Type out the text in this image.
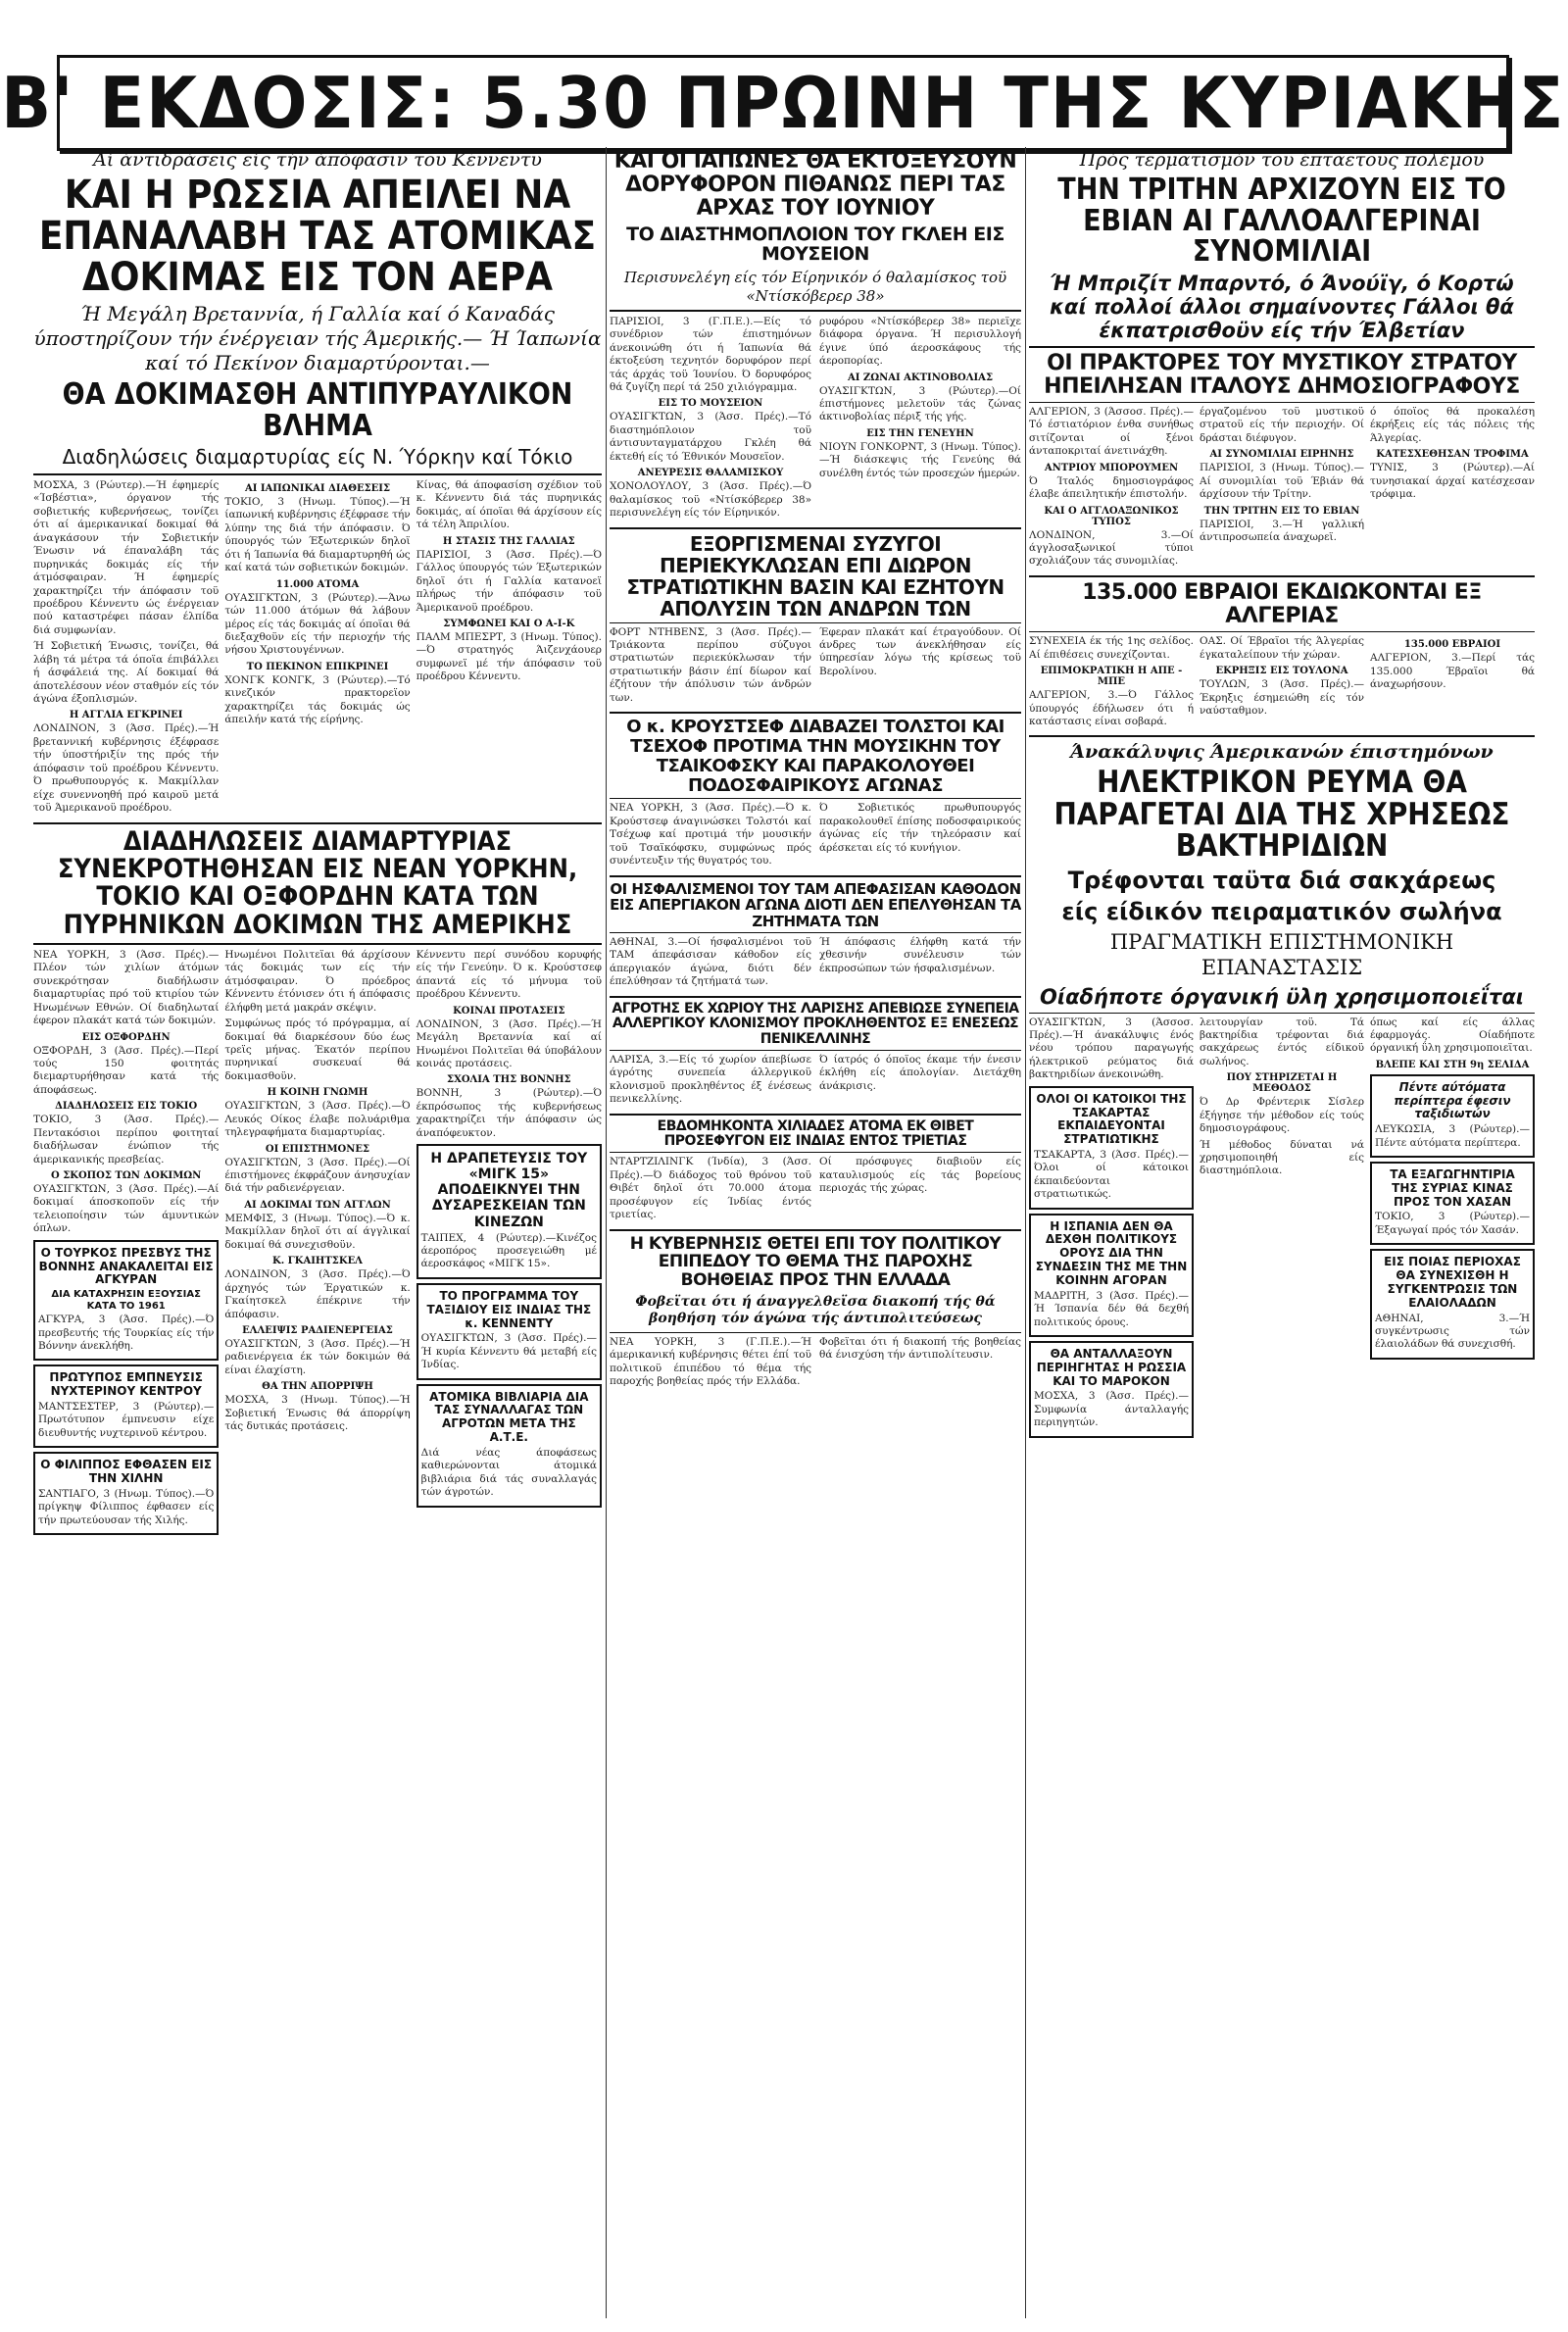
Β' ΕΚΔΟΣΙΣ: 5.30 ΠΡΩΙΝΗ ΤΗΣ ΚΥΡΙΑΚΗΣ
Αί άντιδράσεις είς τήν άπόφασιν τοϋ Κέννεντυ
ΚΑΙ Η ΡΩΣΣΙΑ ΑΠΕΙΛΕΙ ΝΑ ΕΠΑΝΑΛΑΒΗ ΤΑΣ ΑΤΟΜΙΚΑΣ ΔΟΚΙΜΑΣ ΕΙΣ ΤΟΝ ΑΕΡΑ
Ή Μεγάλη Βρεταννία, ή Γαλλία καί ό Καναδάς ύποστηρίζουν τήν ένέργειαν τής Άμερικής.— Ή Ίαπωνία καί τό Πεκίνον διαμαρτύρονται.—
ΘΑ ΔΟΚΙΜΑΣΘΗ ΑΝΤΙΠΥΡΑΥΛΙΚΟΝ ΒΛΗΜΑ
Διαδηλώσεις διαμαρτυρίας είς Ν. Ύόρκην καί Τόκιο

ΜΟΣΧΑ, 3 (Ρώυτερ).—Ή έφημερίς «Ίσβέστια», όργανον τής σοβιετικής κυβερνήσεως, τονίζει ότι αί άμερικανικαί δοκιμαί θά άναγκάσουν τήν Σοβιετικήν Ένωσιν νά έπαναλάβη τάς πυρηνικάς δοκιμάς είς τήν άτμόσφαιραν. Ή έφημερίς χαρακτηρίζει τήν άπόφασιν τοϋ προέδρου Κέννεντυ ώς ένέργειαν πού καταστρέφει πάσαν έλπίδα διά συμφωνίαν.

Ή Σοβιετική Ένωσις, τονίζει, θά λάβη τά μέτρα τά όποϊα έπιβάλλει ή άσφάλειά της. Αί δοκιμαί θά άποτελέσουν νέον σταθμόν είς τόν άγώνα έξοπλισμών.

Η ΑΓΓΛΙΑ ΕΓΚΡΙΝΕΙ

ΛΟΝΔΙΝΟΝ, 3 (Άσσ. Πρές).—Ή βρεταννική κυβέρνησις έξέφρασε τήν ύποστήριξίν της πρός τήν άπόφασιν τοϋ προέδρου Κέννεντυ. Ό πρωθυπουργός κ. Μακμίλλαν είχε συνεννοηθή πρό καιροϋ μετά τοϋ Άμερικανοϋ προέδρου.

ΑΙ ΙΑΠΩΝΙΚΑΙ ΔΙΑΘΕΣΕΙΣ

ΤΟΚΙΟ, 3 (Ηνωμ. Τύπος).—Ή ίαπωνική κυβέρνησις έξέφρασε τήν λύπην της διά τήν άπόφασιν. Ό ύπουργός τών Έξωτερικών δηλοϊ ότι ή Ίαπωνία θά διαμαρτυρηθή ώς καί κατά τών σοβιετικών δοκιμών.

11.000 ΑΤΟΜΑ

ΟΥΑΣΙΓΚΤΩΝ, 3 (Ρώυτερ).—Άνω τών 11.000 άτόμων θά λάβουν μέρος είς τάς δοκιμάς αί όποϊαι θά διεξαχθοϋν είς τήν περιοχήν τής νήσου Χριστουγέννων.

ΤΟ ΠΕΚΙΝΟΝ ΕΠΙΚΡΙΝΕΙ

ΧΟΝΓΚ ΚΟΝΓΚ, 3 (Ρώυτερ).—Τό κινεζικόν πρακτορεϊον χαρακτηρίζει τάς δοκιμάς ώς άπειλήν κατά τής είρήνης.

Κίνας, θά άποφασίση σχέδιον τοϋ κ. Κέννεντυ διά τάς πυρηνικάς δοκιμάς, αί όποϊαι θά άρχίσουν είς τά τέλη Άπριλίου.

Η ΣΤΑΣΙΣ ΤΗΣ ΓΑΛΛΙΑΣ

ΠΑΡΙΣΙΟΙ, 3 (Άσσ. Πρές).—Ό Γάλλος ύπουργός τών Έξωτερικών δηλοϊ ότι ή Γαλλία κατανοεϊ πλήρως τήν άπόφασιν τοϋ Άμερικανοϋ προέδρου.

ΣΥΜΦΩΝΕΙ ΚΑΙ Ο Α-Ι-Κ

ΠΑΛΜ ΜΠΕΣΡΤ, 3 (Ηνωμ. Τύπος).—Ό στρατηγός Άιζενχάουερ συμφωνεϊ μέ τήν άπόφασιν τοϋ προέδρου Κέννεντυ.

ΔΙΑΔΗΛΩΣΕΙΣ ΔΙΑΜΑΡΤΥΡΙΑΣ ΣΥΝΕΚΡΟΤΗΘΗΣΑΝ ΕΙΣ ΝΕΑΝ ΥΟΡΚΗΝ, ΤΟΚΙΟ ΚΑΙ ΟΞΦΟΡΔΗΝ ΚΑΤΑ ΤΩΝ ΠΥΡΗΝΙΚΩΝ ΔΟΚΙΜΩΝ ΤΗΣ ΑΜΕΡΙΚΗΣ

ΝΕΑ ΥΟΡΚΗ, 3 (Άσσ. Πρές).—Πλέον τών χιλίων άτόμων συνεκρότησαν διαδήλωσιν διαμαρτυρίας πρό τοϋ κτιρίου τών Ηνωμένων Εθνών. Οί διαδηλωταί έφερον πλακάτ κατά τών δοκιμών.

ΕΙΣ ΟΞΦΟΡΔΗΝ

ΟΞΦΟΡΔΗ, 3 (Άσσ. Πρές).—Περί τούς 150 φοιτητάς διεμαρτυρήθησαν κατά τής άποφάσεως.

ΔΙΑΔΗΛΩΣΕΙΣ ΕΙΣ ΤΟΚΙΟ

ΤΟΚΙΟ, 3 (Άσσ. Πρές).—Πεντακόσιοι περίπου φοιτηταί διαδήλωσαν ένώπιον τής άμερικανικής πρεσβείας.

Ο ΣΚΟΠΟΣ ΤΩΝ ΔΟΚΙΜΩΝ

ΟΥΑΣΙΓΚΤΩΝ, 3 (Άσσ. Πρές).—Αί δοκιμαί άποσκοποϋν είς τήν τελειοποίησιν τών άμυντικών όπλων.

Ο ΤΟΥΡΚΟΣ ΠΡΕΣΒΥΣ ΤΗΣ ΒΟΝΝΗΣ ΑΝΑΚΑΛΕΙΤΑΙ ΕΙΣ ΑΓΚΥΡΑΝ
ΔΙΑ ΚΑΤΑΧΡΗΣΙΝ ΕΞΟΥΣΙΑΣ ΚΑΤΑ ΤΟ 1961

ΑΓΚΥΡΑ, 3 (Άσσ. Πρές).—Ό πρεσβευτής τής Τουρκίας είς τήν Βόννην άνεκλήθη.

ΠΡΩΤΥΠΟΣ ΕΜΠΝΕΥΣΙΣ ΝΥΧΤΕΡΙΝΟΥ ΚΕΝΤΡΟΥ

ΜΑΝΤΣΕΣΤΕΡ, 3 (Ρώυτερ).—Πρωτότυπον έμπνευσιν είχε διευθυντής νυχτερινοϋ κέντρου.

Ο ΦΙΛΙΠΠΟΣ ΕΦΘΑΣΕΝ ΕΙΣ ΤΗΝ ΧΙΛΗΝ

ΣΑΝΤΙΑΓΟ, 3 (Ηνωμ. Τύπος).—Ό πρίγκηψ Φίλιππος έφθασεν είς τήν πρωτεύουσαν τής Χιλής.

Ηνωμένοι Πολιτεϊαι θά άρχίσουν τάς δοκιμάς των είς τήν άτμόσφαιραν. Ό πρόεδρος Κέννεντυ έτόνισεν ότι ή άπόφασις έλήφθη μετά μακράν σκέψιν.

Συμφώνως πρός τό πρόγραμμα, αί δοκιμαί θά διαρκέσουν δύο έως τρεϊς μήνας. Έκατόν περίπου πυρηνικαί συσκευαί θά δοκιμασθοϋν.

Η ΚΟΙΝΗ ΓΝΩΜΗ

ΟΥΑΣΙΓΚΤΩΝ, 3 (Άσσ. Πρές).—Ό Λευκός Οίκος έλαβε πολυάριθμα τηλεγραφήματα διαμαρτυρίας.

ΟΙ ΕΠΙΣΤΗΜΟΝΕΣ

ΟΥΑΣΙΓΚΤΩΝ, 3 (Άσσ. Πρές).—Οί έπιστήμονες έκφράζουν άνησυχίαν διά τήν ραδιενέργειαν.

ΑΙ ΔΟΚΙΜΑΙ ΤΩΝ ΑΓΓΛΩΝ

ΜΕΜΦΙΣ, 3 (Ηνωμ. Τύπος).—Ό κ. Μακμίλλαν δηλοϊ ότι αί άγγλικαί δοκιμαί θά συνεχισθοϋν.

Κ. ΓΚΑΙΗΤΣΚΕΛ

ΛΟΝΔΙΝΟΝ, 3 (Άσσ. Πρές).—Ό άρχηγός τών Έργατικών κ. Γκαίητσκελ έπέκρινε τήν άπόφασιν.

ΕΛΛΕΙΨΙΣ ΡΑΔΙΕΝΕΡΓΕΙΑΣ

ΟΥΑΣΙΓΚΤΩΝ, 3 (Άσσ. Πρές).—Ή ραδιενέργεια έκ τών δοκιμών θά είναι έλαχίστη.

ΘΑ ΤΗΝ ΑΠΟΡΡΙΨΗ

ΜΟΣΧΑ, 3 (Ηνωμ. Τύπος).—Ή Σοβιετική Ένωσις θά άπορρίψη τάς δυτικάς προτάσεις.

Κέννεντυ περί συνόδου κορυφής είς τήν Γενεύην. Ό κ. Κρούστσεφ άπαντά είς τό μήνυμα τοϋ προέδρου Κέννεντυ.

ΚΟΙΝΑΙ ΠΡΟΤΑΣΕΙΣ

ΛΟΝΔΙΝΟΝ, 3 (Άσσ. Πρές).—Ή Μεγάλη Βρεταννία καί αί Ηνωμένοι Πολιτεϊαι θά ύποβάλουν κοινάς προτάσεις.

ΣΧΟΛΙΑ ΤΗΣ ΒΟΝΝΗΣ

ΒΟΝΝΗ, 3 (Ρώυτερ).—Ό έκπρόσωπος τής κυβερνήσεως χαρακτηρίζει τήν άπόφασιν ώς άναπόφευκτον.

Η ΔΡΑΠΕΤΕΥΣΙΣ ΤΟΥ «ΜΙΓΚ 15» ΑΠΟΔΕΙΚΝΥΕΙ ΤΗΝ ΔΥΣΑΡΕΣΚΕΙΑΝ ΤΩΝ ΚΙΝΕΖΩΝ

ΤΑΙΠΕΧ, 4 (Ρώυτερ).—Κινέζος άεροπόρος προσεγειώθη μέ άεροσκάφος «ΜΙΓΚ 15».

ΤΟ ΠΡΟΓΡΑΜΜΑ ΤΟΥ ΤΑΞΙΔΙΟΥ ΕΙΣ ΙΝΔΙΑΣ ΤΗΣ κ. ΚΕΝΝΕΝΤΥ

ΟΥΑΣΙΓΚΤΩΝ, 3 (Άσσ. Πρές).—Ή κυρία Κέννεντυ θά μεταβή είς Ίνδίας.

ΑΤΟΜΙΚΑ ΒΙΒΛΙΑΡΙΑ ΔΙΑ ΤΑΣ ΣΥΝΑΛΛΑΓΑΣ ΤΩΝ ΑΓΡΟΤΩΝ ΜΕΤΑ ΤΗΣ Α.Τ.Ε.

Διά νέας άποφάσεως καθιερώνονται άτομικά βιβλιάρια διά τάς συναλλαγάς τών άγροτών.

ΚΑΙ ΟΙ ΙΑΠΩΝΕΣ ΘΑ ΕΚΤΟΞΕΥΣΟΥΝ ΔΟΡΥΦΟΡΟΝ ΠΙΘΑΝΩΣ ΠΕΡΙ ΤΑΣ ΑΡΧΑΣ ΤΟΥ ΙΟΥΝΙΟΥ
ΤΟ ΔΙΑΣΤΗΜΟΠΛΟΙΟΝ ΤΟΥ ΓΚΛΕΗ ΕΙΣ ΜΟΥΣΕΙΟΝ
Περισυνελέγη είς τόν Είρηνικόν ό θαλαμίσκος τοϋ «Ντίσκόβερερ 38»

ΠΑΡΙΣΙΟΙ, 3 (Γ.Π.Ε.).—Είς τό συνέδριον τών έπιστημόνων άνεκοινώθη ότι ή Ίαπωνία θά έκτοξεύση τεχνητόν δορυφόρον περί τάς άρχάς τοϋ Ίουνίου. Ό δορυφόρος θά ζυγίζη περί τά 250 χιλιόγραμμα.

ΕΙΣ ΤΟ ΜΟΥΣΕΙΟΝ

ΟΥΑΣΙΓΚΤΩΝ, 3 (Άσσ. Πρές).—Τό διαστημόπλοιον τοϋ άντισυνταγματάρχου Γκλέη θά έκτεθή είς τό Έθνικόν Μουσεϊον.

ΑΝΕΥΡΕΣΙΣ ΘΑΛΑΜΙΣΚΟΥ

ΧΟΝΟΛΟΥΛΟΥ, 3 (Άσσ. Πρές).—Ό θαλαμίσκος τοϋ «Ντίσκόβερερ 38» περισυνελέγη είς τόν Είρηνικόν.

ρυφόρου «Ντίσκόβερερ 38» περιεϊχε διάφορα όργανα. Ή περισυλλογή έγινε ύπό άεροσκάφους τής άεροπορίας.

ΑΙ ΖΩΝΑΙ ΑΚΤΙΝΟΒΟΛΙΑΣ

ΟΥΑΣΙΓΚΤΩΝ, 3 (Ρώυτερ).—Οί έπιστήμονες μελετοϋν τάς ζώνας άκτινοβολίας πέριξ τής γής.

ΕΙΣ ΤΗΝ ΓΕΝΕΥΗΝ

ΝΙΟΥΝ ΓΟΝΚΟΡΝΤ, 3 (Ηνωμ. Τύπος).—Ή διάσκεψις τής Γενεύης θά συνέλθη έντός τών προσεχών ήμερών.

ΕΞΟΡΓΙΣΜΕΝΑΙ ΣΥΖΥΓΟΙ ΠΕΡΙΕΚΥΚΛΩΣΑΝ ΕΠΙ ΔΙΩΡΟΝ ΣΤΡΑΤΙΩΤΙΚΗΝ ΒΑΣΙΝ ΚΑΙ ΕΖΗΤΟΥΝ ΑΠΟΛΥΣΙΝ ΤΩΝ ΑΝΔΡΩΝ ΤΩΝ

ΦΟΡΤ ΝΤΗΒΕΝΣ, 3 (Άσσ. Πρές).—Τριάκοντα περίπου σύζυγοι στρατιωτών περιεκύκλωσαν τήν στρατιωτικήν βάσιν έπί δίωρον καί έζήτουν τήν άπόλυσιν τών άνδρών των.

Έφεραν πλακάτ καί έτραγούδουν. Οί άνδρες των άνεκλήθησαν είς ύπηρεσίαν λόγω τής κρίσεως τοϋ Βερολίνου.

Ο κ. ΚΡΟΥΣΤΣΕΦ ΔΙΑΒΑΖΕΙ ΤΟΛΣΤΟΙ ΚΑΙ ΤΣΕΧΟΦ ΠΡΟΤΙΜΑ ΤΗΝ ΜΟΥΣΙΚΗΝ ΤΟΥ ΤΣΑΙΚΟΦΣΚΥ ΚΑΙ ΠΑΡΑΚΟΛΟΥΘΕΙ ΠΟΔΟΣΦΑΙΡΙΚΟΥΣ ΑΓΩΝΑΣ

ΝΕΑ ΥΟΡΚΗ, 3 (Άσσ. Πρές).—Ό κ. Κρούστσεφ άναγινώσκει Τολστόι καί Τσέχωφ καί προτιμά τήν μουσικήν τοϋ Τσαϊκόφσκυ, συμφώνως πρός συνέντευξιν τής θυγατρός του.

Ό Σοβιετικός πρωθυπουργός παρακολουθεϊ έπίσης ποδοσφαιρικούς άγώνας είς τήν τηλεόρασιν καί άρέσκεται είς τό κυνήγιον.

ΟΙ ΗΣΦΑΛΙΣΜΕΝΟΙ ΤΟΥ ΤΑΜ ΑΠΕΦΑΣΙΣΑΝ ΚΑΘΟΔΟΝ ΕΙΣ ΑΠΕΡΓΙΑΚΟΝ ΑΓΩΝΑ ΔΙΟΤΙ ΔΕΝ ΕΠΕΛΥΘΗΣΑΝ ΤΑ ΖΗΤΗΜΑΤΑ ΤΩΝ

ΑΘΗΝΑΙ, 3.—Οί ήσφαλισμένοι τοϋ ΤΑΜ άπεφάσισαν κάθοδον είς άπεργιακόν άγώνα, διότι δέν έπελύθησαν τά ζητήματά των.

Ή άπόφασις έλήφθη κατά τήν χθεσινήν συνέλευσιν τών έκπροσώπων τών ήσφαλισμένων.

ΑΓΡΟΤΗΣ ΕΚ ΧΩΡΙΟΥ ΤΗΣ ΛΑΡΙΣΗΣ ΑΠΕΒΙΩΣΕ ΣΥΝΕΠΕΙΑ ΑΛΛΕΡΓΙΚΟΥ ΚΛΟΝΙΣΜΟΥ ΠΡΟΚΛΗΘΕΝΤΟΣ ΕΞ ΕΝΕΣΕΩΣ ΠΕΝΙΚΕΛΛΙΝΗΣ

ΛΑΡΙΣΑ, 3.—Είς τό χωρίον άπεβίωσε άγρότης συνεπεία άλλεργικοϋ κλονισμοϋ προκληθέντος έξ ένέσεως πενικελλίνης.

Ό ίατρός ό όποϊος έκαμε τήν ένεσιν έκλήθη είς άπολογίαν. Διετάχθη άνάκρισις.

ΕΒΔΟΜΗΚΟΝΤΑ ΧΙΛΙΑΔΕΣ ΑΤΟΜΑ ΕΚ ΘΙΒΕΤ ΠΡΟΣΕΦΥΓΟΝ ΕΙΣ ΙΝΔΙΑΣ ΕΝΤΟΣ ΤΡΙΕΤΙΑΣ

ΝΤΑΡΤΖΙΛΙΝΓΚ (Ίνδία), 3 (Άσσ. Πρές).—Ό διάδοχος τοϋ θρόνου τοϋ Θιβέτ δηλοϊ ότι 70.000 άτομα προσέφυγον είς Ίνδίας έντός τριετίας.

Οί πρόσφυγες διαβιοϋν είς καταυλισμούς είς τάς βορείους περιοχάς τής χώρας.

Η ΚΥΒΕΡΝΗΣΙΣ ΘΕΤΕΙ ΕΠΙ ΤΟΥ ΠΟΛΙΤΙΚΟΥ ΕΠΙΠΕΔΟΥ ΤΟ ΘΕΜΑ ΤΗΣ ΠΑΡΟΧΗΣ ΒΟΗΘΕΙΑΣ ΠΡΟΣ ΤΗΝ ΕΛΛΑΔΑ
Φοβεϊται ότι ή άναγγελθεϊσα διακοπή τής θά βοηθήση τόν άγώνα τής άντιπολιτεύσεως

ΝΕΑ ΥΟΡΚΗ, 3 (Γ.Π.Ε.).—Ή άμερικανική κυβέρνησις θέτει έπί τοϋ πολιτικοϋ έπιπέδου τό θέμα τής παροχής βοηθείας πρός τήν Ελλάδα.

Φοβεϊται ότι ή διακοπή τής βοηθείας θά ένισχύση τήν άντιπολίτευσιν.

Πρός τερματισμόν τοϋ έπταετοϋς πολέμου
ΤΗΝ ΤΡΙΤΗΝ ΑΡΧΙΖΟΥΝ ΕΙΣ ΤΟ ΕΒΙΑΝ ΑΙ ΓΑΛΛΟΑΛΓΕΡΙΝΑΙ ΣΥΝΟΜΙΛΙΑΙ
Ή Μπριζίτ Μπαρντό, ό Άνούϊγ, ό Κορτώ καί πολλοί άλλοι σημαίνοντες Γάλλοι θά έκπατρισθοϋν είς τήν Έλβετίαν
ΟΙ ΠΡΑΚΤΟΡΕΣ ΤΟΥ ΜΥΣΤΙΚΟΥ ΣΤΡΑΤΟΥ ΗΠΕΙΛΗΣΑΝ ΙΤΑΛΟΥΣ ΔΗΜΟΣΙΟΓΡΑΦΟΥΣ

ΑΛΓΕΡΙΟΝ, 3 (Άσσοσ. Πρές).—Τό έστιατόριον ένθα συνήθως σιτίζονται οί ξένοι άνταποκριταί άνετινάχθη.

ΑΝΤΡΙΟΥ ΜΠΟΡΟΥΜΕΝ

Ό Ίταλός δημοσιογράφος έλαβε άπειλητικήν έπιστολήν.

ΚΑΙ Ο ΑΓΓΛΟΑΞΩΝΙΚΟΣ ΤΥΠΟΣ

ΛΟΝΔΙΝΟΝ, 3.—Οί άγγλοσαξωνικοί τύποι σχολιάζουν τάς συνομιλίας.

έργαζομένου τοϋ μυστικοϋ στρατοϋ είς τήν περιοχήν. Οί δράσται διέφυγον.

ΑΙ ΣΥΝΟΜΙΛΙΑΙ ΕΙΡΗΝΗΣ

ΠΑΡΙΣΙΟΙ, 3 (Ηνωμ. Τύπος).—Αί συνομιλίαι τοϋ Έβιάν θά άρχίσουν τήν Τρίτην.

ΤΗΝ ΤΡΙΤΗΝ ΕΙΣ ΤΟ ΕΒΙΑΝ

ΠΑΡΙΣΙΟΙ, 3.—Ή γαλλική άντιπροσωπεία άναχωρεϊ.

ό όποϊος θά προκαλέση έκρήξεις είς τάς πόλεις τής Άλγερίας.

ΚΑΤΕΣΧΕΘΗΣΑΝ ΤΡΟΦΙΜΑ

ΤΥΝΙΣ, 3 (Ρώυτερ).—Αί τυνησιακαί άρχαί κατέσχεσαν τρόφιμα.

135.000 ΕΒΡΑΙΟΙ ΕΚΔΙΩΚΟΝΤΑΙ ΕΞ ΑΛΓΕΡΙΑΣ

ΣΥΝΕΧΕΙΑ έκ τής 1ης σελίδος. Αί έπιθέσεις συνεχίζονται.

ΕΠΙΜΟΚΡΑΤΙΚΗ Η ΑΠΕ - ΜΠΕ

ΑΛΓΕΡΙΟΝ, 3.—Ό Γάλλος ύπουργός έδήλωσεν ότι ή κατάστασις είναι σοβαρά.

ΟΑΣ. Οί Έβραϊοι τής Άλγερίας έγκαταλείπουν τήν χώραν.

ΕΚΡΗΞΙΣ ΕΙΣ ΤΟΥΛΟΝΑ

ΤΟΥΛΩΝ, 3 (Άσσ. Πρές).—Έκρηξις έσημειώθη είς τόν ναύσταθμον.

135.000 ΕΒΡΑΙΟΙ

ΑΛΓΕΡΙΟΝ, 3.—Περί τάς 135.000 Έβραϊοι θά άναχωρήσουν.

Άνακάλυψις Άμερικανών έπιστημόνων
ΗΛΕΚΤΡΙΚΟΝ ΡΕΥΜΑ ΘΑ ΠΑΡΑΓΕΤΑΙ ΔΙΑ ΤΗΣ ΧΡΗΣΕΩΣ ΒΑΚΤΗΡΙΔΙΩΝ
Τρέφονται ταϋτα διά σακχάρεως
είς είδικόν πειραματικόν σωλήνα
ΠΡΑΓΜΑΤΙΚΗ ΕΠΙΣΤΗΜΟΝΙΚΗ ΕΠΑΝΑΣΤΑΣΙΣ
Οίαδήποτε όργανική ϋλη χρησιμοποιεΐται

ΟΥΑΣΙΓΚΤΩΝ, 3 (Άσσοσ. Πρές).—Ή άνακάλυψις ένός νέου τρόπου παραγωγής ήλεκτρικοϋ ρεύματος διά βακτηριδίων άνεκοινώθη.

ΟΛΟΙ ΟΙ ΚΑΤΟΙΚΟΙ ΤΗΣ ΤΣΑΚΑΡΤΑΣ ΕΚΠΑΙΔΕΥΟΝΤΑΙ ΣΤΡΑΤΙΩΤΙΚΗΣ

ΤΣΑΚΑΡΤΑ, 3 (Άσσ. Πρές).—Όλοι οί κάτοικοι έκπαιδεύονται στρατιωτικώς.

Η ΙΣΠΑΝΙΑ ΔΕΝ ΘΑ ΔΕΧΘΗ ΠΟΛΙΤΙΚΟΥΣ ΟΡΟΥΣ ΔΙΑ ΤΗΝ ΣΥΝΔΕΣΙΝ ΤΗΣ ΜΕ ΤΗΝ ΚΟΙΝΗΝ ΑΓΟΡΑΝ

ΜΑΔΡΙΤΗ, 3 (Άσσ. Πρές).—Ή Ίσπανία δέν θά δεχθή πολιτικούς όρους.

ΘΑ ΑΝΤΑΛΛΑΞΟΥΝ ΠΕΡΙΗΓΗΤΑΣ Η ΡΩΣΣΙΑ ΚΑΙ ΤΟ ΜΑΡΟΚΟΝ

ΜΟΣΧΑ, 3 (Άσσ. Πρές).—Συμφωνία άνταλλαγής περιηγητών.

λειτουργίαν τοϋ. Τά βακτηρίδια τρέφονται διά σακχάρεως έντός είδικοϋ σωλήνος.

ΠΟΥ ΣΤΗΡΙΖΕΤΑΙ Η ΜΕΘΟΔΟΣ

Ό Δρ Φρέντερικ Σίσλερ έξήγησε τήν μέθοδον είς τούς δημοσιογράφους.

Ή μέθοδος δύναται νά χρησιμοποιηθή είς διαστημόπλοια.

όπως καί είς άλλας έφαρμογάς. Οίαδήποτε όργανική ΰλη χρησιμοποιεϊται.

ΒΛΕΠΕ ΚΑΙ ΣΤΗ 9η ΣΕΛΙΔΑ
Πέντε αύτόματα περίπτερα έφεσιν ταξιδιωτών

ΛΕΥΚΩΣΙΑ, 3 (Ρώυτερ).—Πέντε αύτόματα περίπτερα.

ΤΑ ΕΞΑΓΩΓΗΝΤΙΡΙΑ ΤΗΣ ΣΥΡΙΑΣ ΚΙΝΑΣ ΠΡΟΣ ΤΟΝ ΧΑΣΑΝ

ΤΟΚΙΟ, 3 (Ρώυτερ).—Έξαγωγαί πρός τόν Χασάν.

ΕΙΣ ΠΟΙΑΣ ΠΕΡΙΟΧΑΣ ΘΑ ΣΥΝΕΧΙΣΘΗ Η ΣΥΓΚΕΝΤΡΩΣΙΣ ΤΩΝ ΕΛΑΙΟΛΑΔΩΝ

ΑΘΗΝΑΙ, 3.—Ή συγκέντρωσις τών έλαιολάδων θά συνεχισθή.
